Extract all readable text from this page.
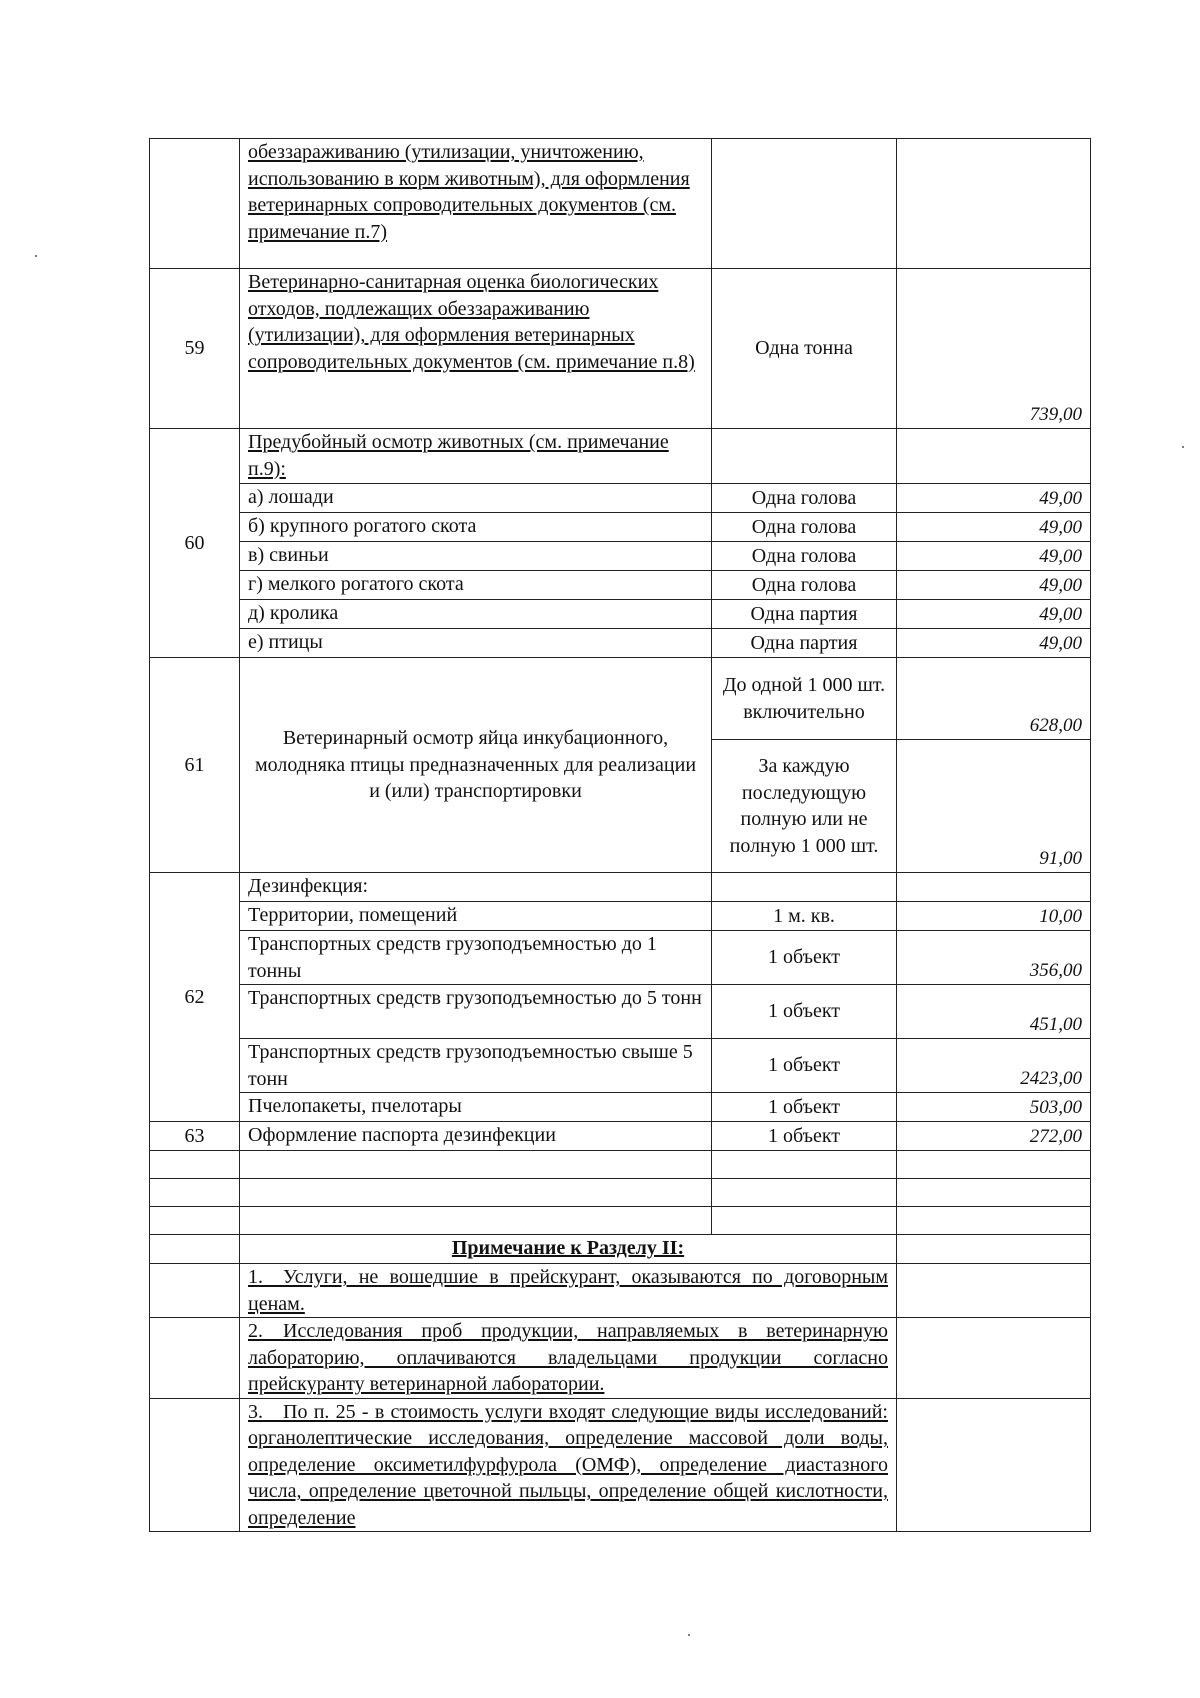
	обеззараживанию (утилизации, уничтожению, использованию в корм животным), для оформления ветеринарных сопроводительных документов (см. примечание п.7)		
59	Ветеринарно-санитарная оценка биологических отходов, подлежащих обеззараживанию (утилизации), для оформления ветеринарных сопроводительных документов (см. примечание п.8)	Одна тонна	739,00
60	Предубойный осмотр животных (см. примечание п.9):		
	а) лошади	Одна голова	49,00
	б) крупного рогатого скота	Одна голова	49,00
	в) свиньи	Одна голова	49,00
	г) мелкого рогатого скота	Одна голова	49,00
	д) кролика	Одна партия	49,00
	е) птицы	Одна партия	49,00
61	Ветеринарный осмотр яйца инкубационного, молодняка птицы предназначенных для реализации и (или) транспортировки	До одной 1 000 шт. включительно	628,00
		За каждую последующую полную или не полную 1 000 шт.	91,00
62	Дезинфекция:		
	Территории, помещений	1 м. кв.	10,00
	Транспортных средств грузоподъемностью до 1 тонны	1 объект	356,00
	Транспортных средств грузоподъемностью до 5 тонн	1 объект	451,00
	Транспортных средств грузоподъемностью свыше 5 тонн	1 объект	2423,00
	Пчелопакеты, пчелотары	1 объект	503,00
63	Оформление паспорта дезинфекции	1 объект	272,00

	Примечание к Разделу II:		
	1. Услуги, не вошедшие в прейскурант, оказываются по договорным ценам.		
	2. Исследования проб продукции, направляемых в ветеринарную лабораторию, оплачиваются владельцами продукции согласно прейскуранту ветеринарной лаборатории.		
	3. По п. 25 - в стоимость услуги входят следующие виды исследований: органолептические исследования, определение массовой доли воды, определение оксиметилфурфурола (ОМФ), определение диастазного числа, определение цветочной пыльцы, определение общей кислотности, определение		
